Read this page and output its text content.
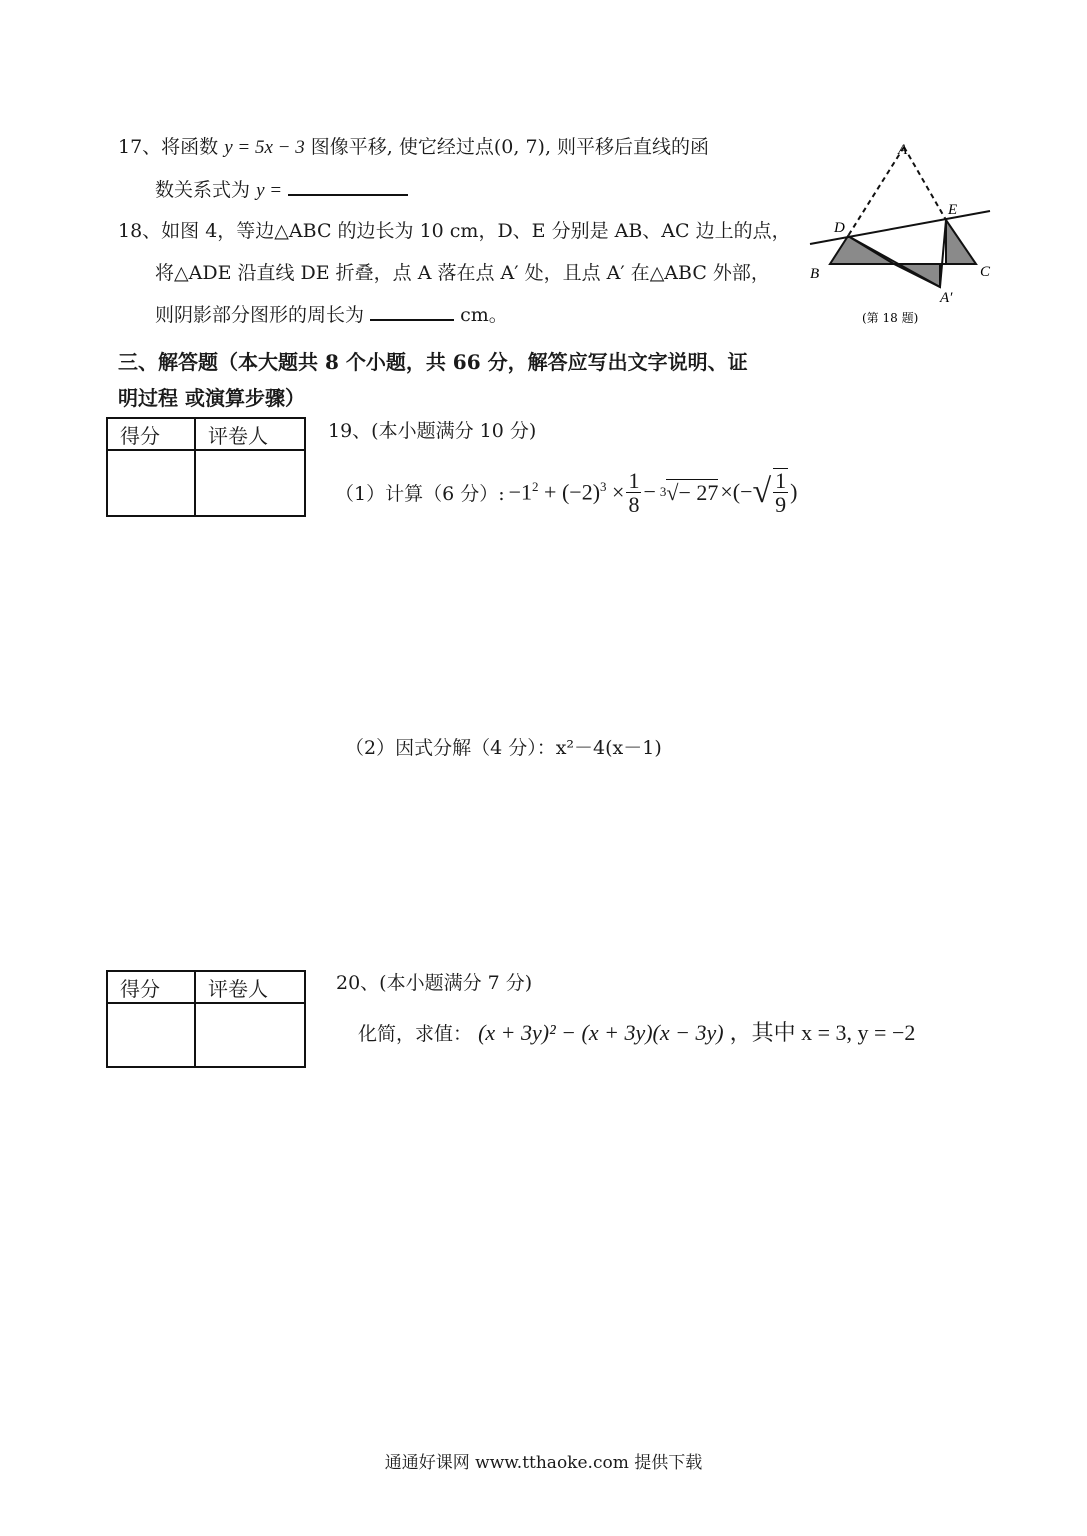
17、将函数 y = 5x − 3 图像平移, 使它经过点(0, 7), 则平移后直线的函
数关系式为 y =
18、如图 4，等边△ABC 的边长为 10 cm，D、E 分别是 AB、AC 边上的点，
将△ADE 沿直线 DE 折叠，点 A 落在点 A′ 处，且点 A′ 在△ABC 外部，
则阴影部分图形的周长为	cm。
A
D
E
B	C
A′
(第 18 题)
三、解答题（本大题共 8 个小题，共 66 分，解答应写出文字说明、证
明过程 或演算步骤）
得分	评卷人
		19、(本小题满分 10 分)
（1）计算（6 分）: $-1^2 + (-2)^3 \times \frac{1}{8} - 3$ √− 27 ×(− √ $\frac{1}{9}$ )
（2）因式分解（4 分）：x²－4(x－1)
得分	评卷人
		20、(本小题满分 7 分)
化简，求值： (x + 3y)² − (x + 3y)(x − 3y) ，其中 x = 3, y = −2
通通好课网 www.tthaoke.com 提供下载
